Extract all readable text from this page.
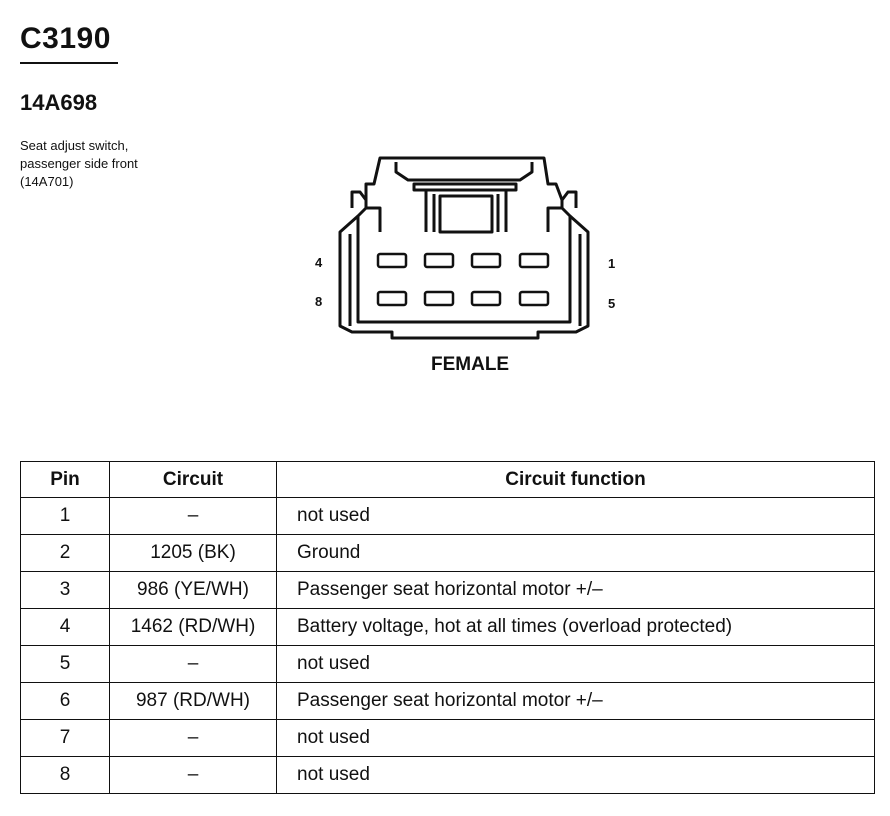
C3190
14A698
Seat adjust switch,
passenger side front
(14A701)
4	1
8	5
FEMALE
Pin	Circuit	Circuit function
1	–	not used
2	1205 (BK)	Ground
3	986 (YE/WH)	Passenger seat horizontal motor +/–
4	1462 (RD/WH)	Battery voltage, hot at all times (overload protected)
5	–	not used
6	987 (RD/WH)	Passenger seat horizontal motor +/–
7	–	not used
8	–	not used
